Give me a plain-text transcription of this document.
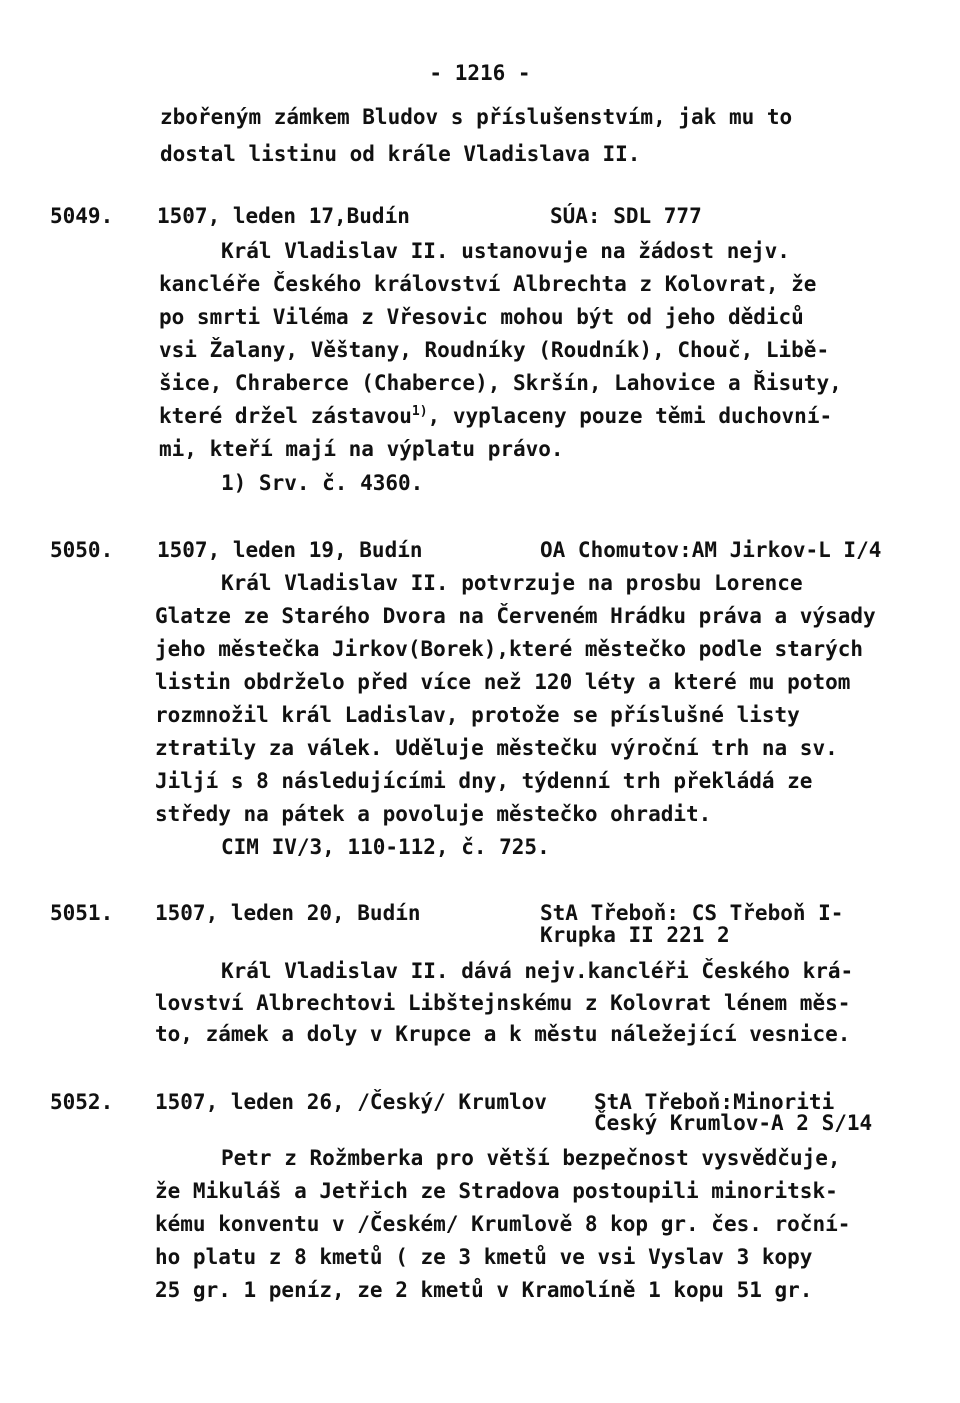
- 1216 -
zbořeným zámkem Bludov s příslušenstvím, jak mu to
dostal listinu od krále Vladislava II.
5049. 1507, leden 17,Budín	SÚA: SDL 777
Král Vladislav II. ustanovuje na žádost nejv.
kancléře Českého království Albrechta z Kolovrat, že
po smrti Viléma z Vřesovic mohou být od jeho dědiců
vsi Žalany, Věštany, Roudníky (Roudník), Chouč, Libě-
šice, Chraberce (Chaberce), Skršín, Lahovice a Řisuty,
které držel zástavou$^{1)}$, vyplaceny pouze těmi duchovní-
mi, kteří mají na výplatu právo.
1) Srv. č. 4360.
5050. 1507, leden 19, Budín	OA Chomutov:AM Jirkov-L I/4
Král Vladislav II. potvrzuje na prosbu Lorence
Glatze ze Starého Dvora na Červeném Hrádku práva a výsady
jeho městečka Jirkov(Borek),které městečko podle starých
listin obdrželo před více než 120 léty a které mu potom
rozmnožil král Ladislav, protože se příslušné listy
ztratily za válek. Uděluje městečku výroční trh na sv.
Jiljí s 8 následujícími dny, týdenní trh překládá ze
středy na pátek a povoluje městečko ohradit.
CIM IV/3, 110-112, č. 725.
5051. 1507, leden 20, Budín	StA Třeboň: CS Třeboň I-
Krupka II 221 2
Král Vladislav II. dává nejv.kancléři Českého krá-
lovství Albrechtovi Libštejnskému z Kolovrat lénem měs-
to, zámek a doly v Krupce a k městu náležející vesnice.
5052. 1507, leden 26, /Český/ Krumlov StA Třeboň:Minoriti
Český Krumlov-A 2 S/14
Petr z Rožmberka pro větší bezpečnost vysvědčuje,
že Mikuláš a Jetřich ze Stradova postoupili minoritsk-
kému konventu v /Českém/ Krumlově 8 kop gr. čes. roční-
ho platu z 8 kmetů ( ze 3 kmetů ve vsi Vyslav 3 kopy
25 gr. 1 peníz, ze 2 kmetů v Kramolíně 1 kopu 51 gr.
